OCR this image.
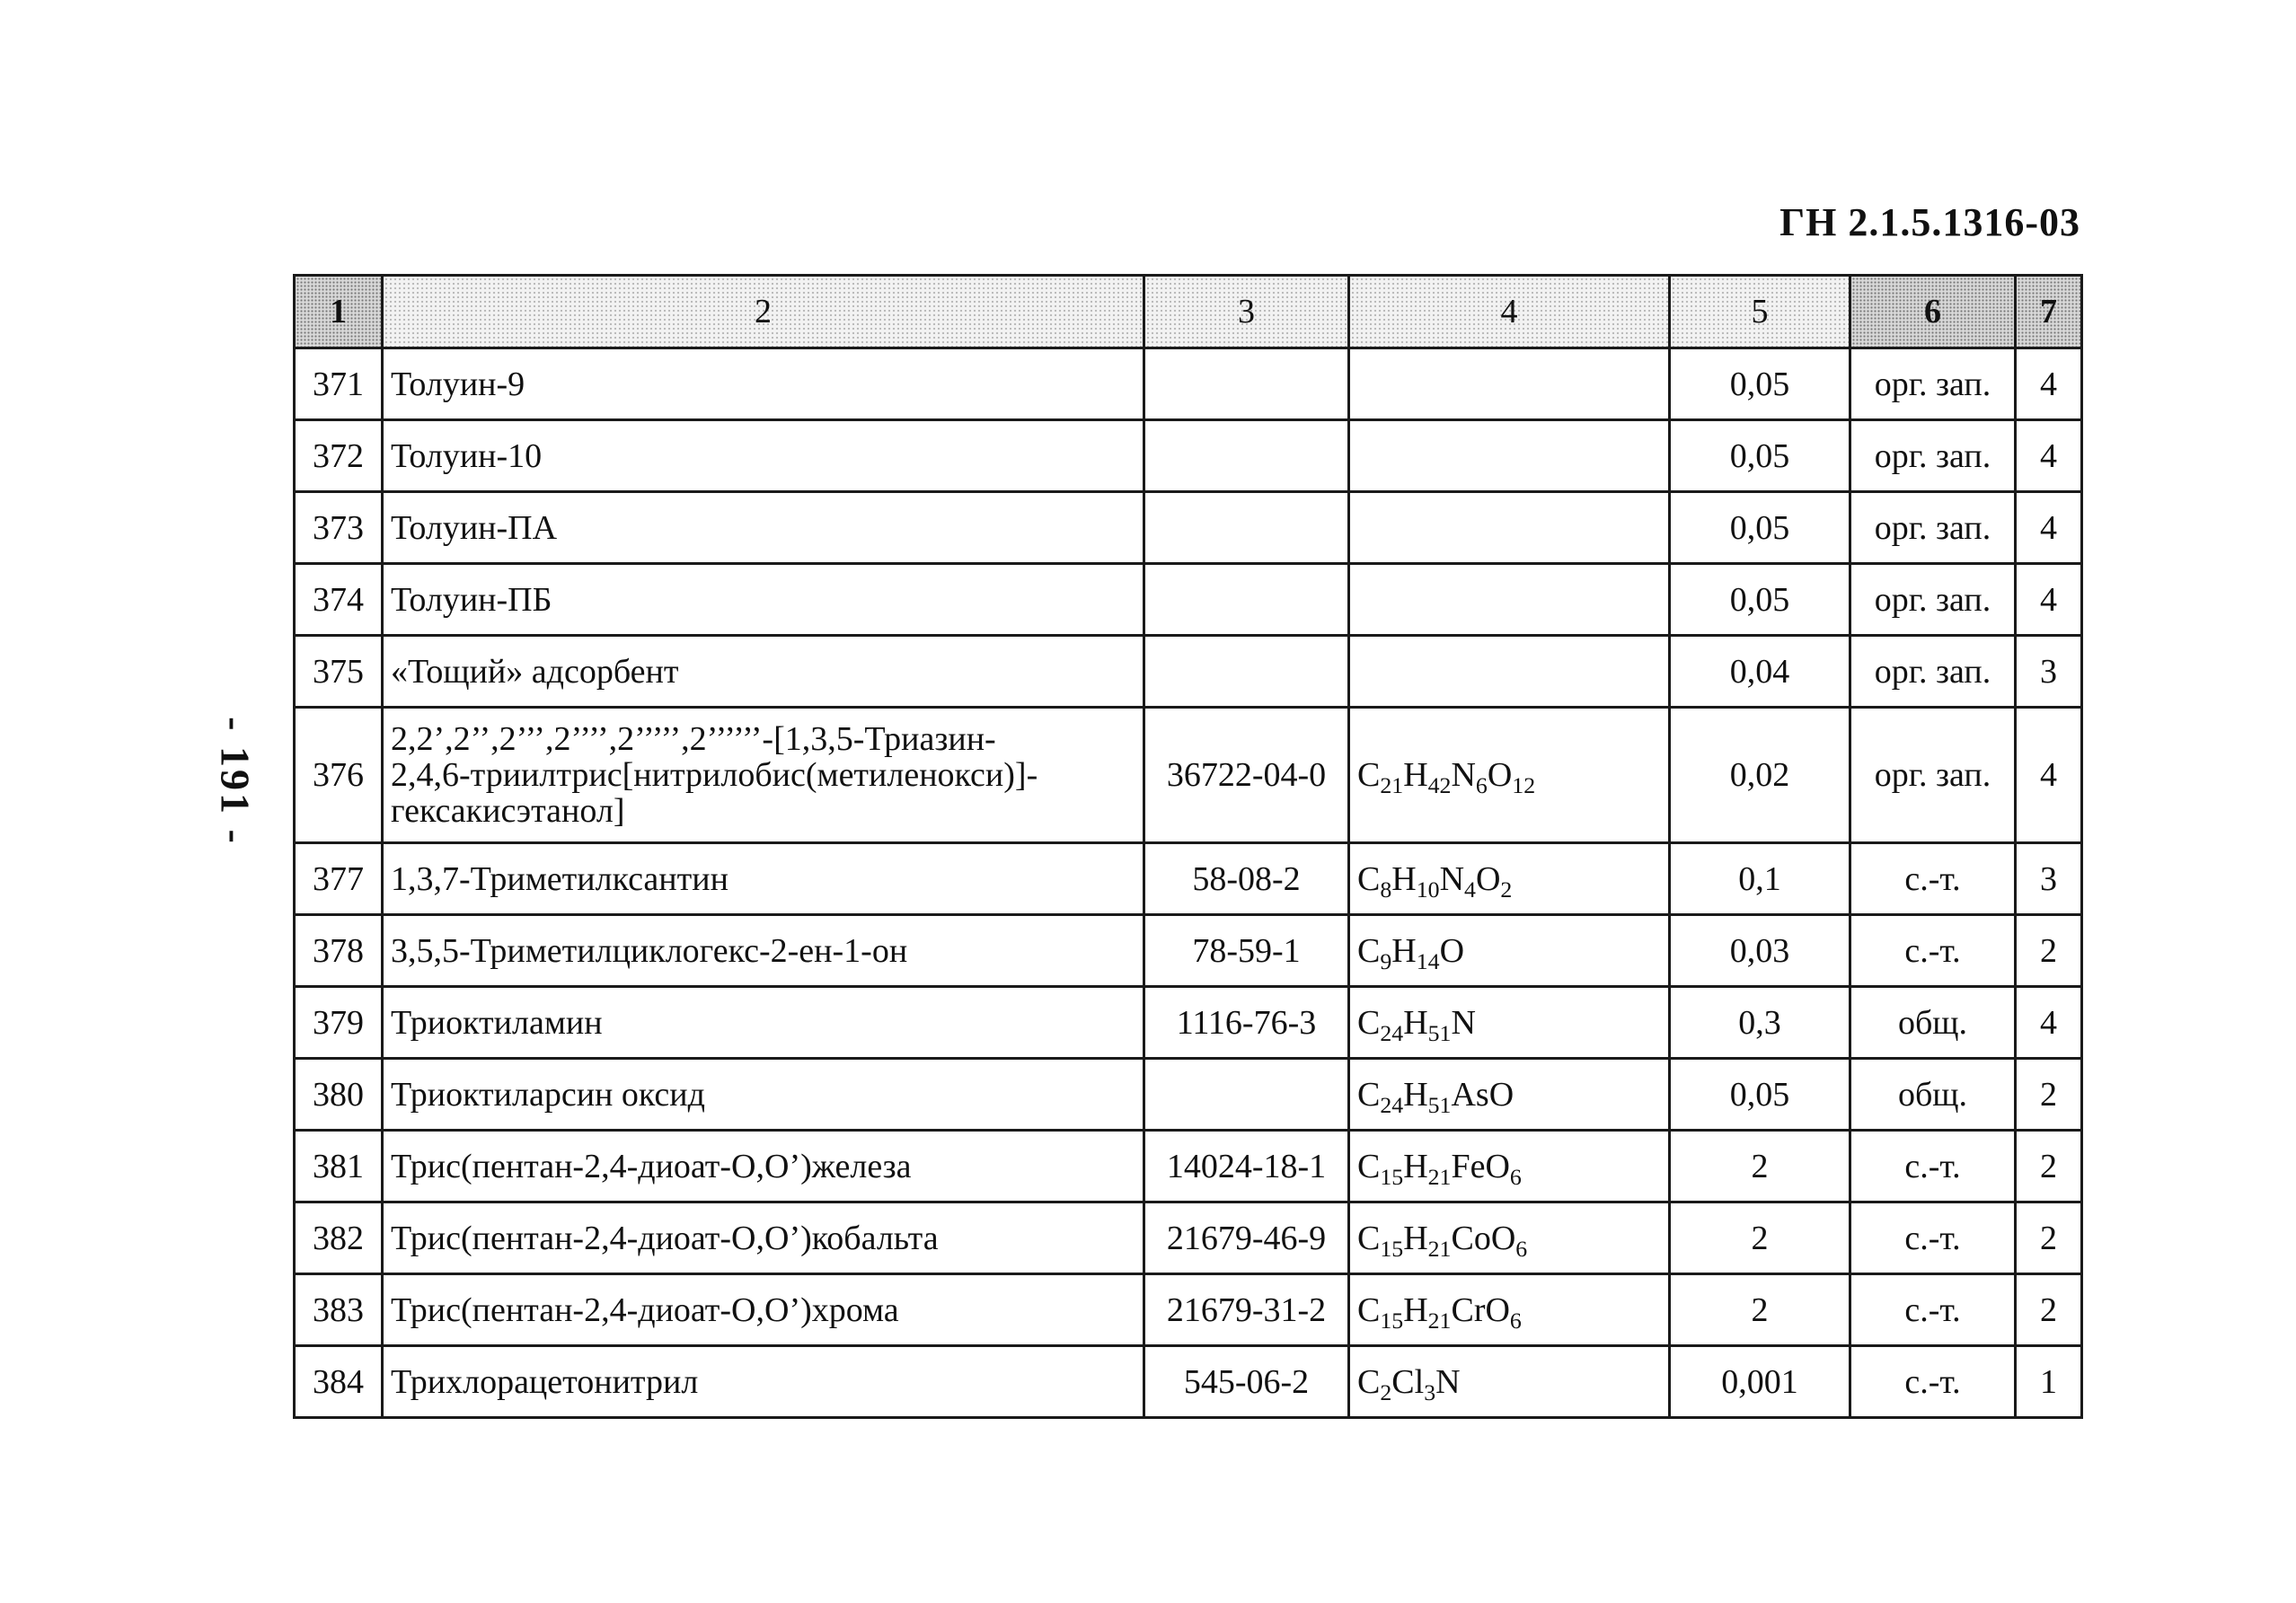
ГН 2.1.5.1316-03
- 191 -
1	2	3	4	5	6	7
371	Толуин-9			0,05	орг. зап.	4
372	Толуин-10			0,05	орг. зап.	4
373	Толуин-ПА			0,05	орг. зап.	4
374	Толуин-ПБ			0,05	орг. зап.	4
375	«Тощий» адсорбент			0,04	орг. зап.	3
376	2,2’,2’’,2’’’,2’’’’,2’’’’’,2’’’’’’-[1,3,5-Триазин-
2,4,6-триилтрис[нитрилобис(метиленокси)]-
гексакисэтанол]	36722-04-0	$C_{21}H_{42}N_6O_{12}$	0,02	орг. зап.	4
377	1,3,7-Триметилксантин	58-08-2	$C_8H_{10}N_4O_2$	0,1	с.-т.	3
378	3,5,5-Триметилциклогекс-2-ен-1-он	78-59-1	$C_9H_{14}O$	0,03	с.-т.	2
379	Триоктиламин	1116-76-3	$C_{24}H_{51}N$	0,3	общ.	4
380	Триоктиларсин оксид		$C_{24}H_{51}AsO$	0,05	общ.	2
381	Трис(пентан-2,4-диоат-О,О’)железа	14024-18-1	$C_{15}H_{21}FeO_6$	2	с.-т.	2
382	Трис(пентан-2,4-диоат-О,О’)кобальта	21679-46-9	$C_{15}H_{21}CoO_6$	2	с.-т.	2
383	Трис(пентан-2,4-диоат-О,О’)хрома	21679-31-2	$C_{15}H_{21}CrO_6$	2	с.-т.	2
384	Трихлорацетонитрил	545-06-2	$C_2Cl_3N$	0,001	с.-т.	1
